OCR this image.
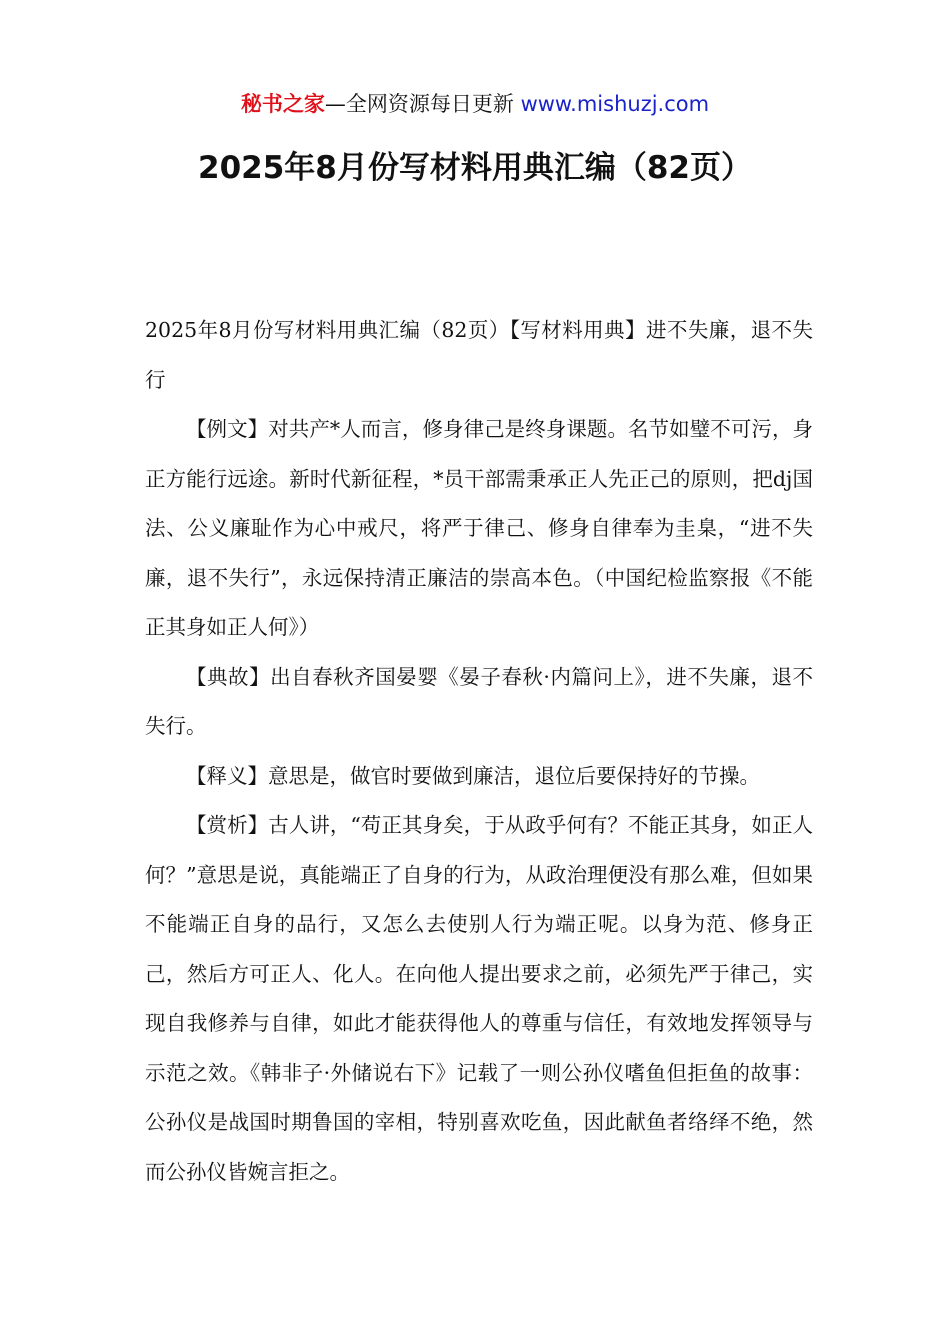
秘书之家—全网资源每日更新 www.mishuzj.com
2025年8月份写材料用典汇编（82页）

2025年8月份写材料用典汇编（82页）【写材料用典】进不失廉，退不失行

【例文】对共产*人而言，修身律己是终身课题。名节如璧不可污，身正方能行远途。新时代新征程，*员干部需秉承正人先正己的原则，把dj国法、公义廉耻作为心中戒尺，将严于律己、修身自律奉为圭臬，“进不失廉，退不失行”，永远保持清正廉洁的崇高本色。（中国纪检监察报《不能正其身如正人何》）

【典故】出自春秋齐国晏婴《晏子春秋·内篇问上》，进不失廉，退不失行。

【释义】意思是，做官时要做到廉洁，退位后要保持好的节操。

【赏析】古人讲，“苟正其身矣，于从政乎何有？不能正其身，如正人何？”意思是说，真能端正了自身的行为，从政治理便没有那么难，但如果不能端正自身的品行，又怎么去使别人行为端正呢。以身为范、修身正己，然后方可正人、化人。在向他人提出要求之前，必须先严于律己，实现自我修养与自律，如此才能获得他人的尊重与信任，有效地发挥领导与示范之效。《韩非子·外储说右下》记载了一则公孙仪嗜鱼但拒鱼的故事：公孙仪是战国时期鲁国的宰相，特别喜欢吃鱼，因此献鱼者络绎不绝，然而公孙仪皆婉言拒之。
